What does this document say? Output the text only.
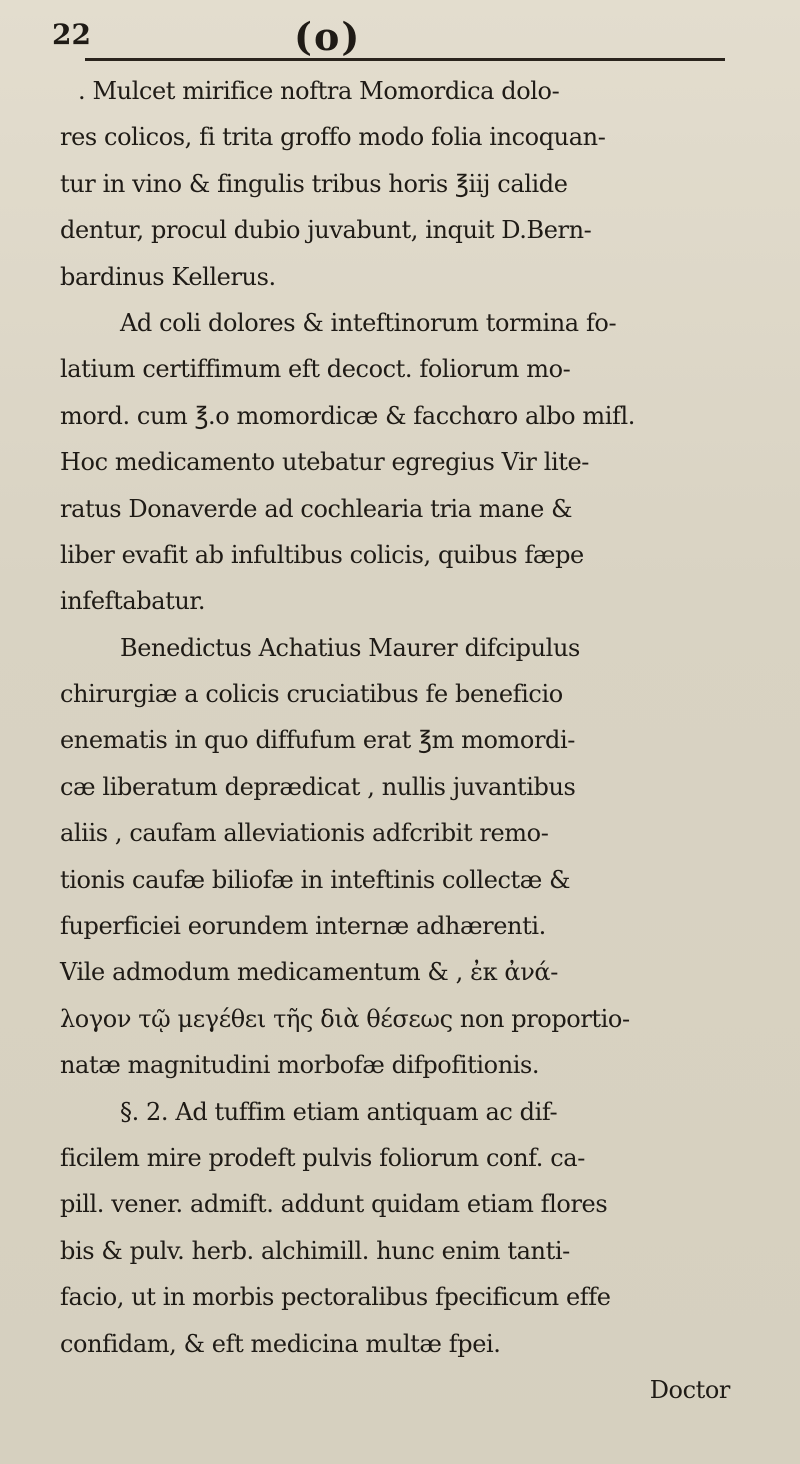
22	(o)
. Mulcet mirifice noftra Momordica dolo-
res colicos, fi trita groffo modo folia incoquan-
tur in vino & fingulis tribus horis ℥iij calide
dentur, procul dubio juvabunt, inquit D.Bern-
bardinus Kellerus.
Ad coli dolores & inteftinorum tormina fo-
latium certiffimum eft decoct. foliorum mo-
mord. cum ℥.o momordicæ & facchαro albo mifl.
Hoc medicamento utebatur egregius Vir lite-
ratus Donaverde ad cochlearia tria mane &
liber evafit ab infultibus colicis, quibus fæpe
infeftabatur.
Benedictus Achatius Maurer difcipulus
chirurgiæ a colicis cruciatibus fe beneficio
enematis in quo diffufum erat ℥m momordi-
cæ liberatum deprædicat , nullis juvantibus
aliis , caufam alleviationis adfcribit remo-
tionis caufæ biliofæ in inteftinis collectæ &
fuperficiei eorundem internæ adhærenti.
Vile admodum medicamentum & , ἐκ ἀνά-
λογον τῷ μεγέθει τῆς διὰ θέσεως non proportio-
natæ magnitudini morbofæ difpofitionis.
§. 2. Ad tuffim etiam antiquam ac dif-
ficilem mire prodeft pulvis foliorum conf. ca-
pill. vener. admift. addunt quidam etiam flores
bis & pulv. herb. alchimill. hunc enim tanti-
facio, ut in morbis pectoralibus fpecificum effe
confidam, & eft medicina multæ fpei.
Doctor
